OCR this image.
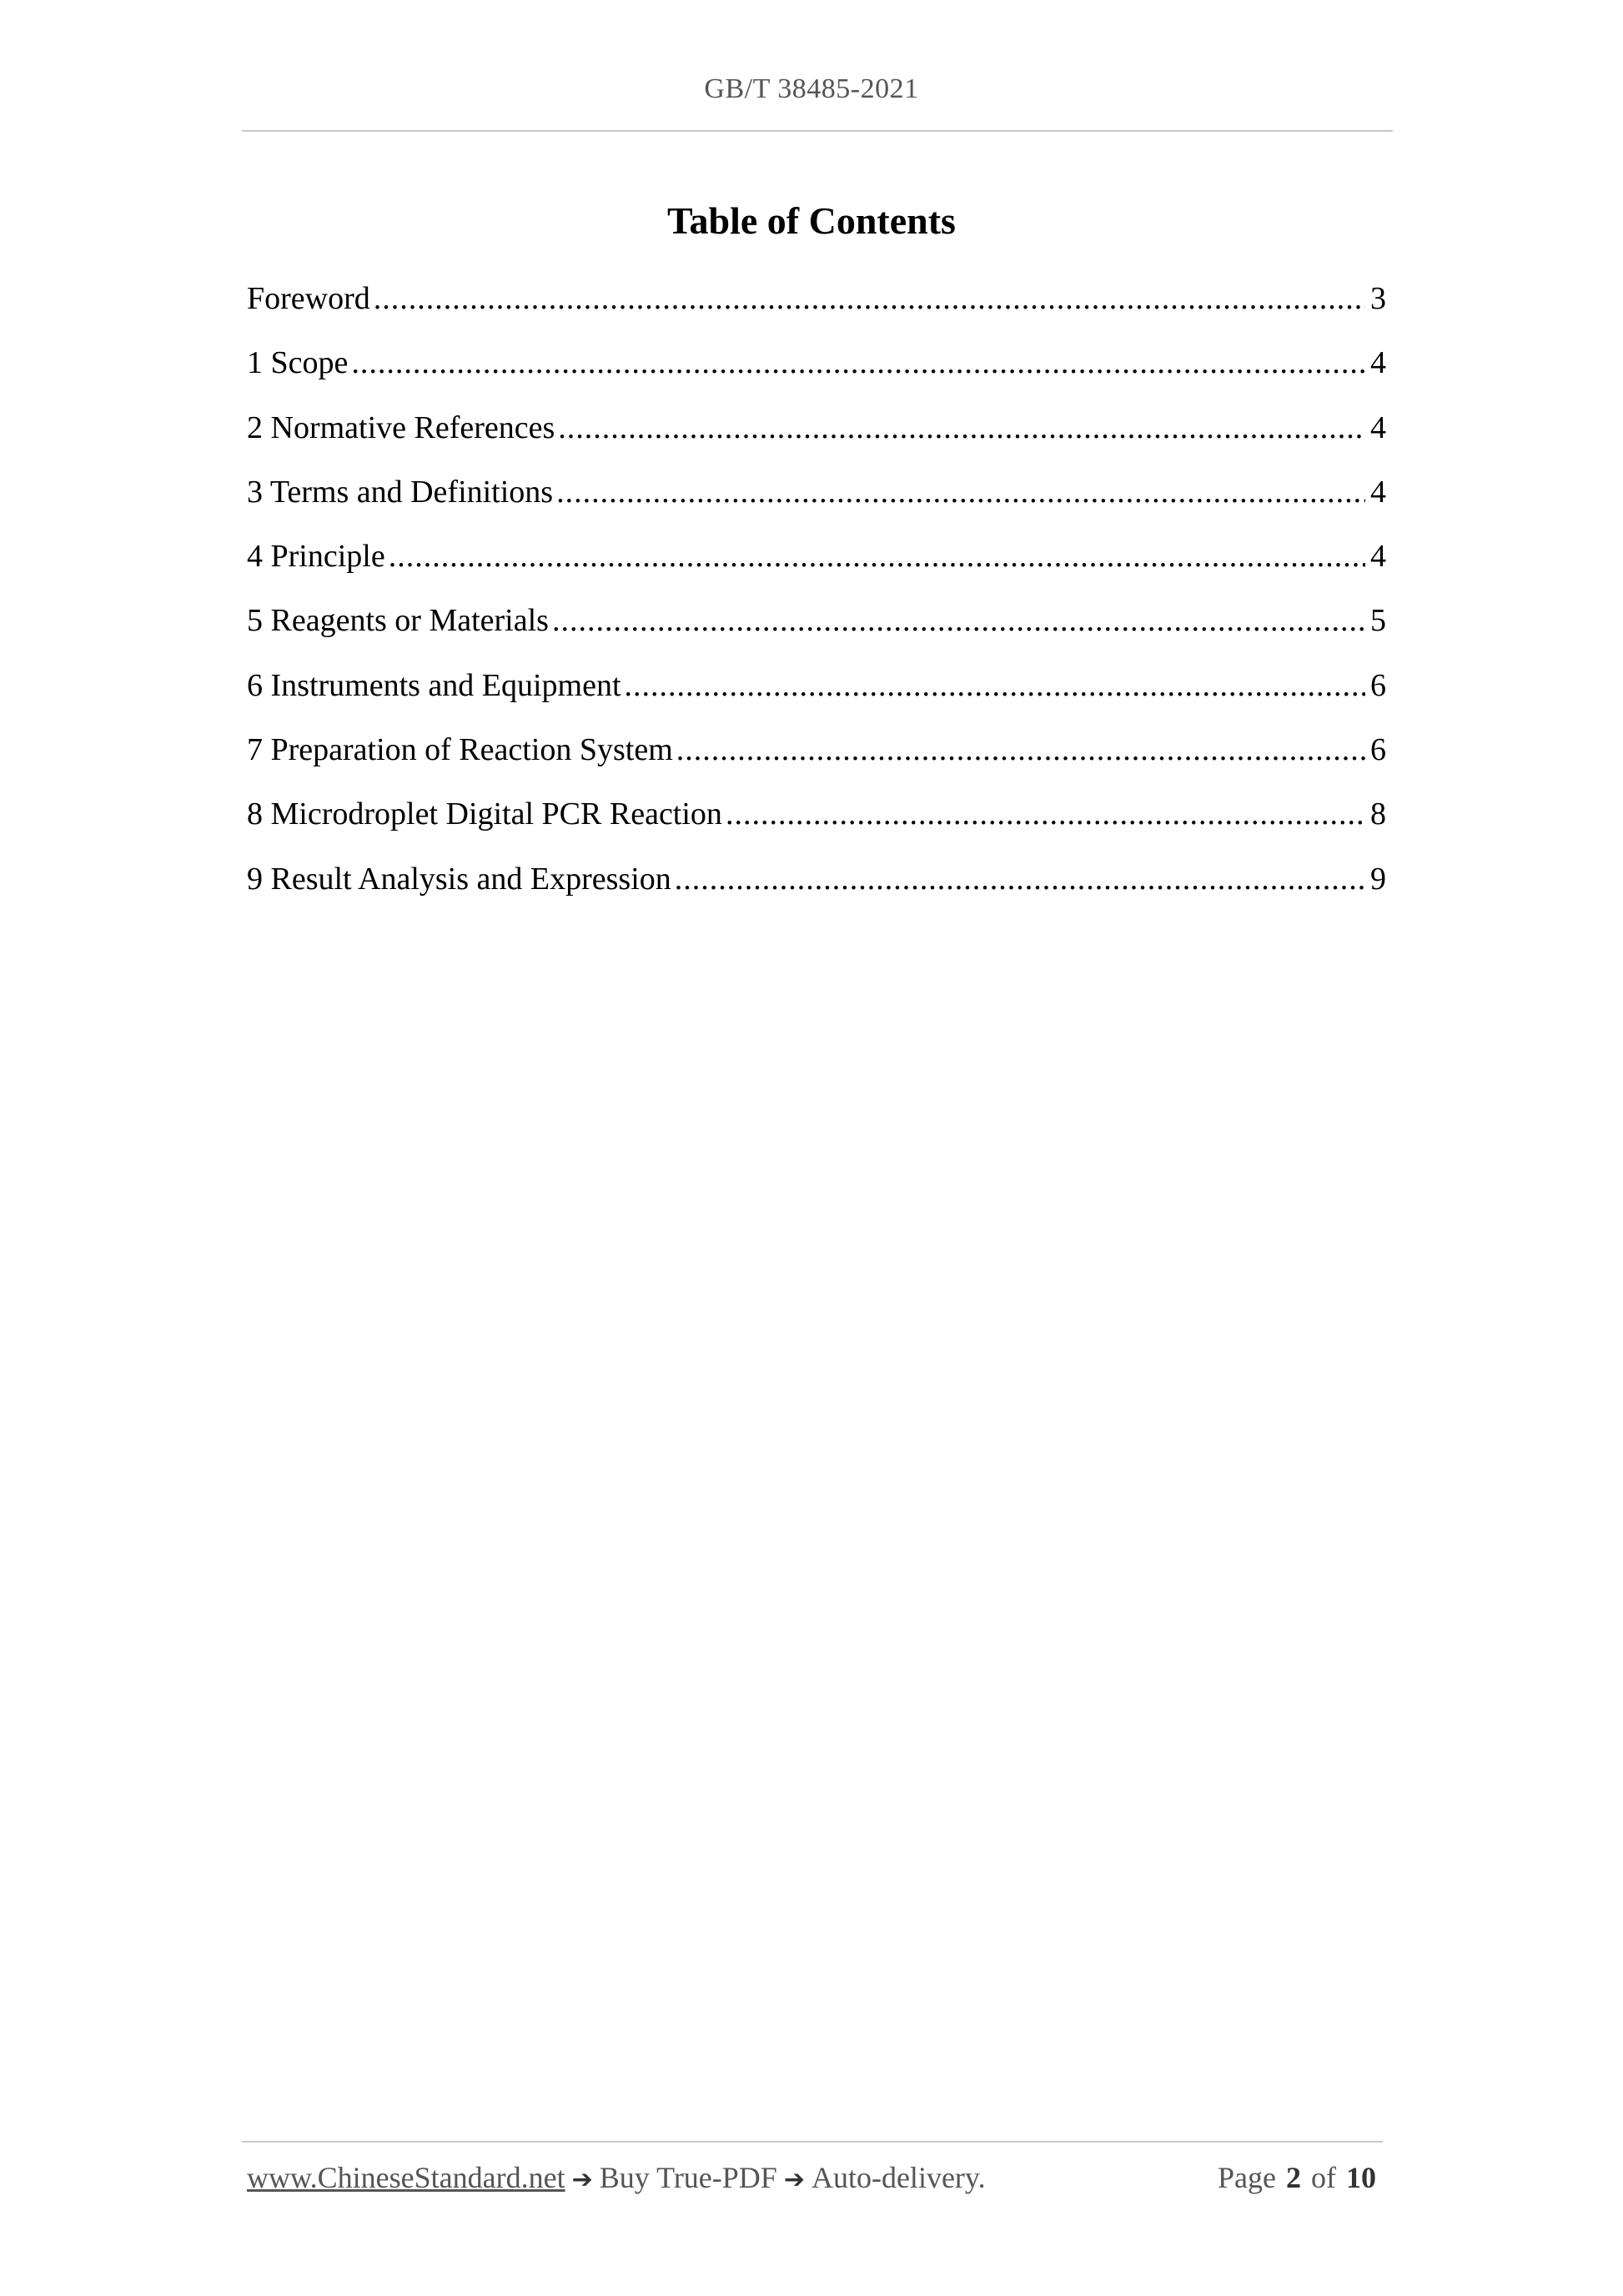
GB/T 38485-2021
Table of Contents
Foreword .....	3
1 Scope .....	4
2 Normative References .....	4
3 Terms and Definitions .....	4
4 Principle .....	4
5 Reagents or Materials .....	5
6 Instruments and Equipment .....	6
7 Preparation of Reaction System .....	6
8 Microdroplet Digital PCR Reaction .....	8
9 Result Analysis and Expression .....	9
www.ChineseStandard.net ➔ Buy True-PDF ➔ Auto-delivery.	Page 2 of 10
